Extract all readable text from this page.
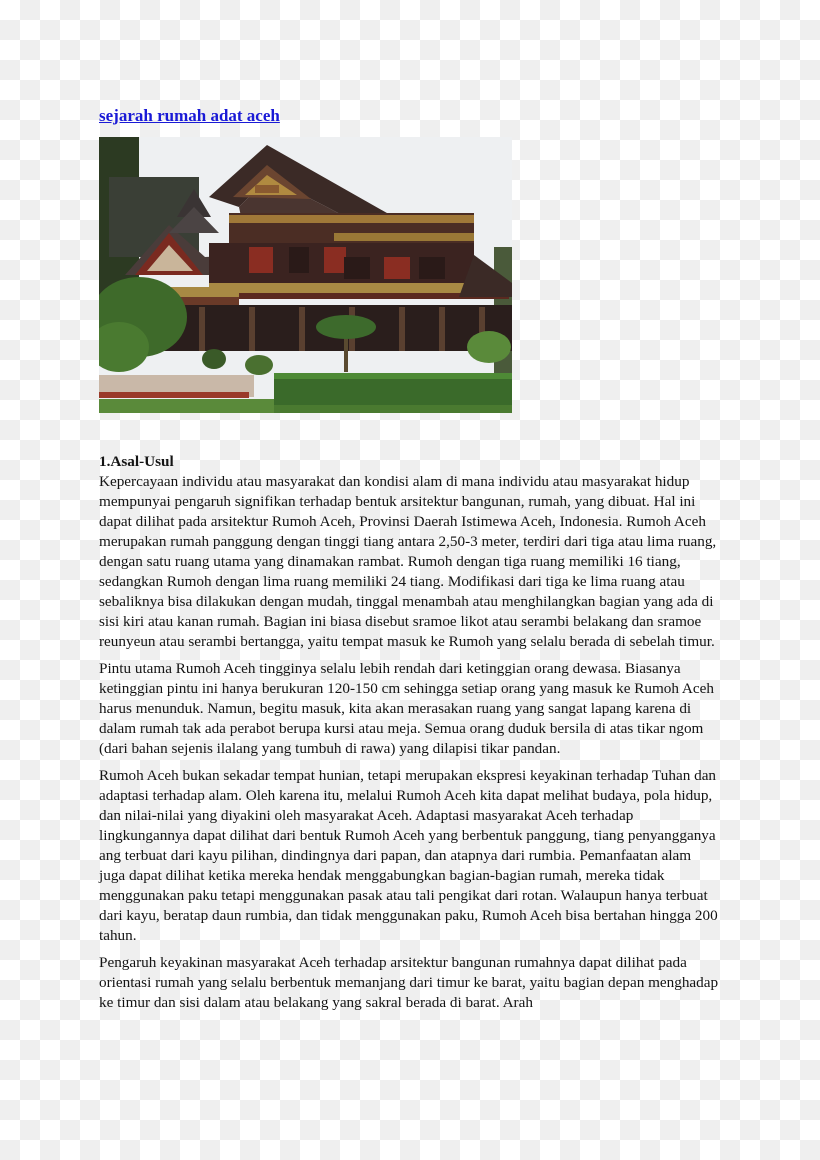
sejarah rumah adat aceh
1.Asal-Usul

Kepercayaan individu atau masyarakat dan kondisi alam di mana individu atau masyarakat hidup mempunyai pengaruh signifikan terhadap bentuk arsitektur bangunan, rumah, yang dibuat. Hal ini dapat dilihat pada arsitektur Rumoh Aceh, Provinsi Daerah Istimewa Aceh, Indonesia. Rumoh Aceh merupakan rumah panggung dengan tinggi tiang antara 2,50-3 meter, terdiri dari tiga atau lima ruang, dengan satu ruang utama yang dinamakan rambat. Rumoh dengan tiga ruang memiliki 16 tiang, sedangkan Rumoh dengan lima ruang memiliki 24 tiang. Modifikasi dari tiga ke lima ruang atau sebaliknya bisa dilakukan dengan mudah, tinggal menambah atau menghilangkan bagian yang ada di sisi kiri atau kanan rumah. Bagian ini biasa disebut sramoe likot atau serambi belakang dan sramoe reunyeun atau serambi bertangga, yaitu tempat masuk ke Rumoh yang selalu berada di sebelah timur.

Pintu utama Rumoh Aceh tingginya selalu lebih rendah dari ketinggian orang dewasa. Biasanya ketinggian pintu ini hanya berukuran 120-150 cm sehingga setiap orang yang masuk ke Rumoh Aceh harus menunduk. Namun, begitu masuk, kita akan merasakan ruang yang sangat lapang karena di dalam rumah tak ada perabot berupa kursi atau meja. Semua orang duduk bersila di atas tikar ngom (dari bahan sejenis ilalang yang tumbuh di rawa) yang dilapisi tikar pandan.

Rumoh Aceh bukan sekadar tempat hunian, tetapi merupakan ekspresi keyakinan terhadap Tuhan dan adaptasi terhadap alam. Oleh karena itu, melalui Rumoh Aceh kita dapat melihat budaya, pola hidup, dan nilai-nilai yang diyakini oleh masyarakat Aceh. Adaptasi masyarakat Aceh terhadap lingkungannya dapat dilihat dari bentuk Rumoh Aceh yang berbentuk panggung, tiang penyangganya ang terbuat dari kayu pilihan, dindingnya dari papan, dan atapnya dari rumbia. Pemanfaatan alam juga dapat dilihat ketika mereka hendak menggabungkan bagian-bagian rumah, mereka tidak menggunakan paku tetapi menggunakan pasak atau tali pengikat dari rotan. Walaupun hanya terbuat dari kayu, beratap daun rumbia, dan tidak menggunakan paku, Rumoh Aceh bisa bertahan hingga 200 tahun.

Pengaruh keyakinan masyarakat Aceh terhadap arsitektur bangunan rumahnya dapat dilihat pada orientasi rumah yang selalu berbentuk memanjang dari timur ke barat, yaitu bagian depan menghadap ke timur dan sisi dalam atau belakang yang sakral berada di barat. Arah
